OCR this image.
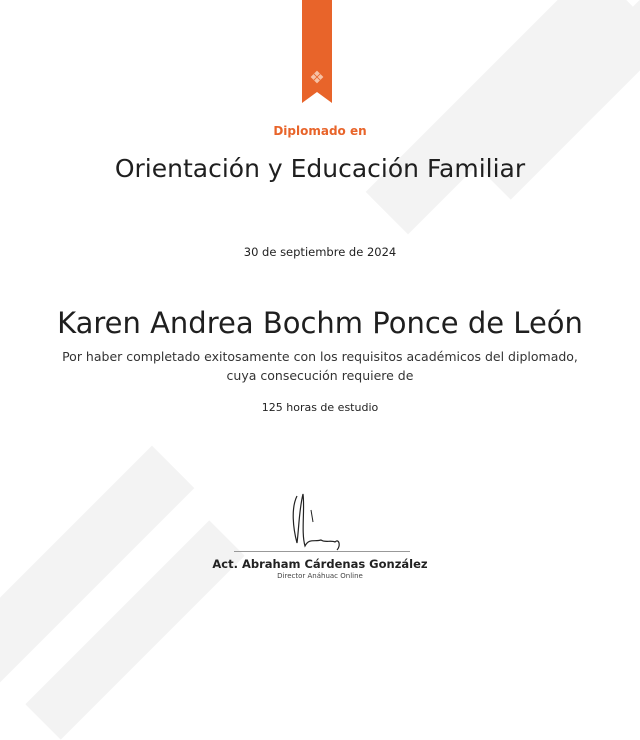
Diplomado en
Orientación y Educación Familiar
30 de septiembre de 2024
Karen Andrea Bochm Ponce de León
Por haber completado exitosamente con los requisitos académicos del diplomado,
cuya consecución requiere de
125 horas de estudio
Act. Abraham Cárdenas González
Director Anáhuac Online
